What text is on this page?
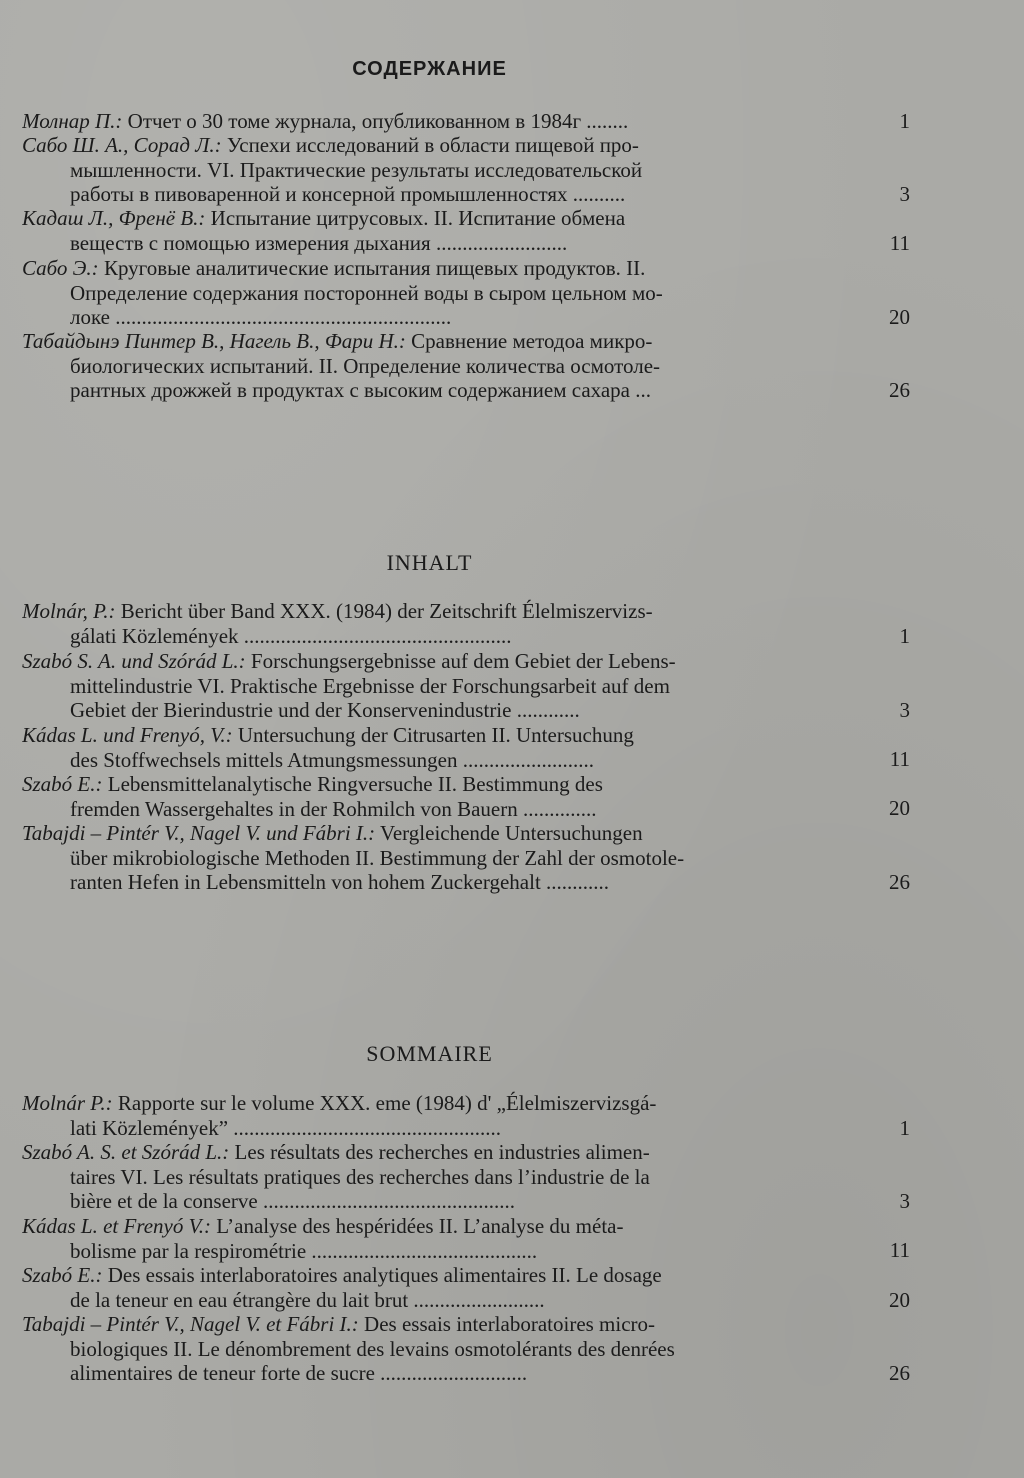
СОДЕРЖАНИЕ
Молнар П.: Отчет о 30 томе журнала, опубликованном в 1984г ........	1
Сабо Ш. А., Сорад Л.: Успехи исследований в области пищевой про-
мышленности. VI. Практические результаты исследовательской
работы в пивоваренной и консерной промышленностях ..........	3
Кадаш Л., Френё В.: Испытание цитрусовых. II. Испитание обмена
веществ с помощью измерения дыхания .........................	11
Сабо Э.: Круговые аналитические испытания пищевых продуктов. II.
Определение содержания посторонней воды в сыром цельном мо-
локе ................................................................	20
Табайдынэ Пинтер В., Нагель В., Фари Н.: Сравнение методоа микро-
биологических испытаний. II. Определение количества осмотоле-
рантных дрожжей в продуктах с высоким содержанием сахара ...	26
INHALT
Molnár, P.: Bericht über Band XXX. (1984) der Zeitschrift Élelmiszervizs-
gálati Közlemények ...................................................	1
Szabó S. A. und Szórád L.: Forschungsergebnisse auf dem Gebiet der Lebens-
mittelindustrie VI. Praktische Ergebnisse der Forschungsarbeit auf dem
Gebiet der Bierindustrie und der Konservenindustrie ............	3
Kádas L. und Frenyó, V.: Untersuchung der Citrusarten II. Untersuchung
des Stoffwechsels mittels Atmungsmessungen .........................	11
Szabó E.: Lebensmittelanalytische Ringversuche II. Bestimmung des
fremden Wassergehaltes in der Rohmilch von Bauern ..............	20
Tabajdi – Pintér V., Nagel V. und Fábri I.: Vergleichende Untersuchungen
über mikrobiologische Methoden II. Bestimmung der Zahl der osmotole-
ranten Hefen in Lebensmitteln von hohem Zuckergehalt ............	26
SOMMAIRE
Molnár P.: Rapporte sur le volume XXX. eme (1984) d' „Élelmiszervizsgá-
lati Közlemények” ...................................................	1
Szabó A. S. et Szórád L.: Les résultats des recherches en industries alimen-
taires VI. Les résultats pratiques des recherches dans l’industrie de la
bière et de la conserve ................................................	3
Kádas L. et Frenyó V.: L’analyse des hespéridées II. L’analyse du méta-
bolisme par la respirométrie ...........................................	11
Szabó E.: Des essais interlaboratoires analytiques alimentaires II. Le dosage
de la teneur en eau étrangère du lait brut .........................	20
Tabajdi – Pintér V., Nagel V. et Fábri I.: Des essais interlaboratoires micro-
biologiques II. Le dénombrement des levains osmotolérants des denrées
alimentaires de teneur forte de sucre ............................	26
